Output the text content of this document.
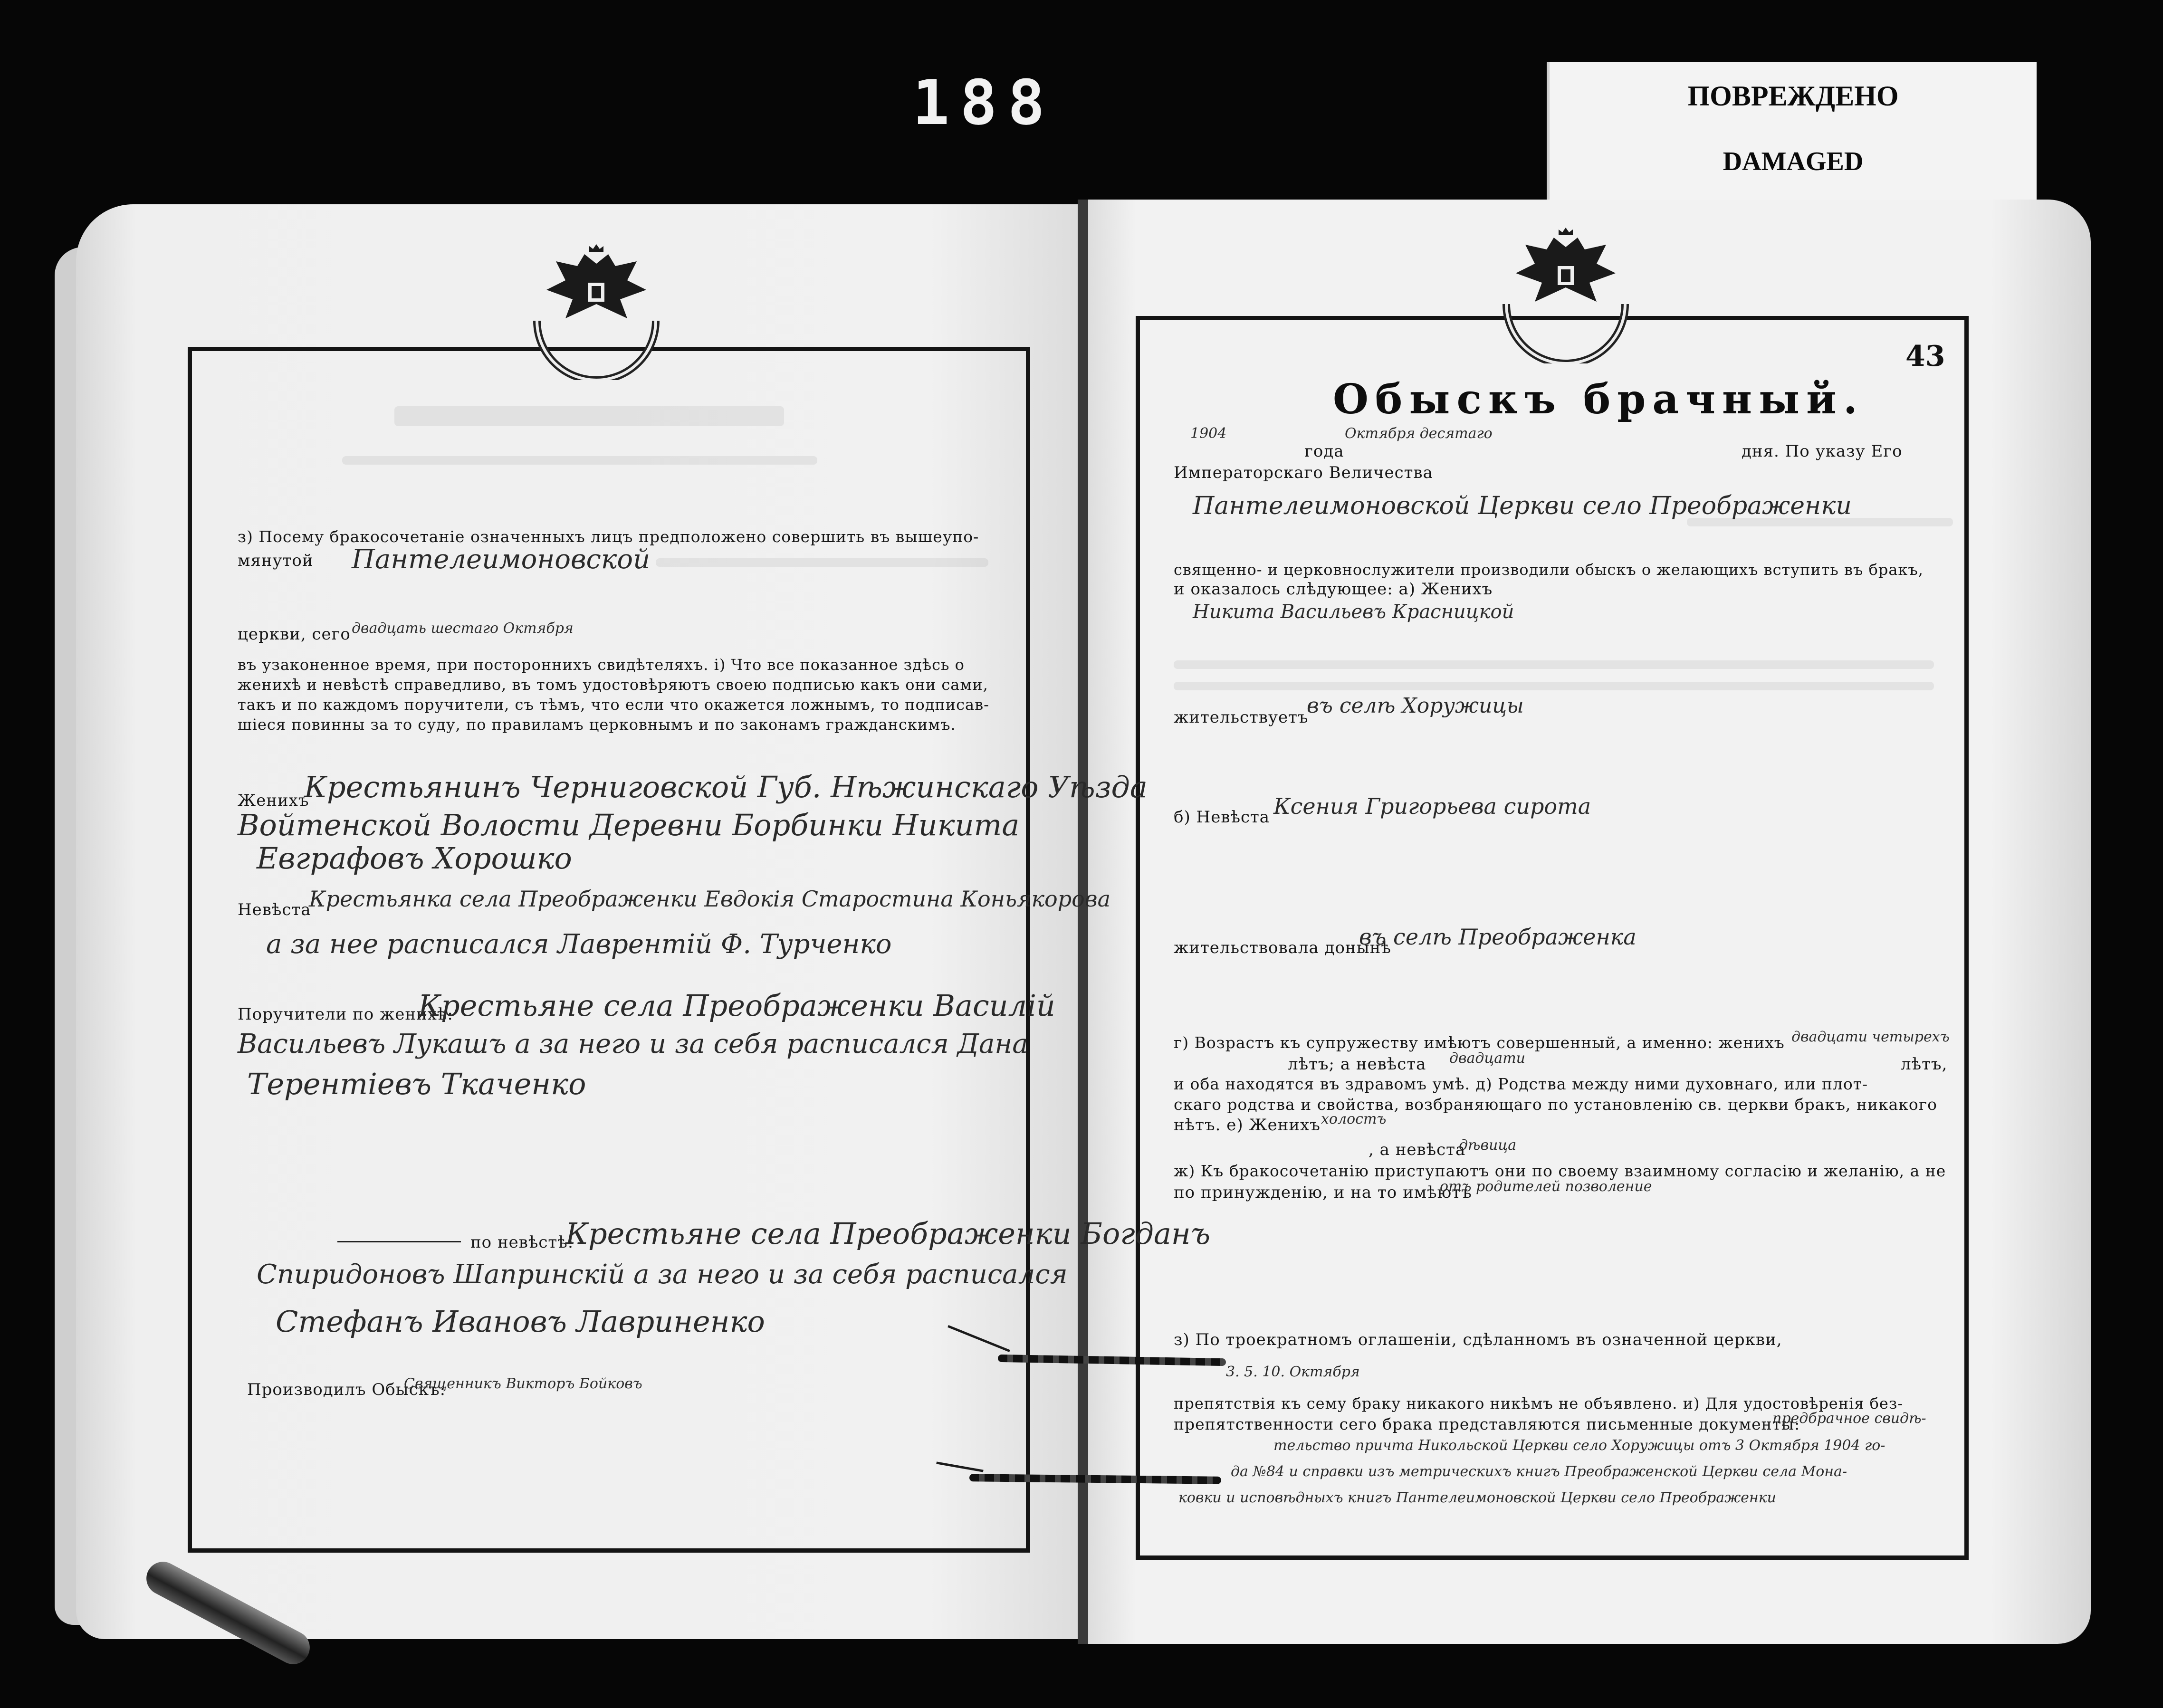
188	ПОВРЕЖДЕНО
DAMAGED
43
Обыскъ брачный.
1904
года
Октября десятаго
дня. По указу Его
Императорскаго Величества
Пантелеимоновской Церкви село Преображенки
священно- и церковнослужители производили обыскъ о желающихъ вступить въ бракъ,
и оказалось слѣдующее: а) Женихъ
Никита Васильевъ Красницкой
жительствуетъ
въ селѣ Хоружицы
б) Невѣста Ксения Григорьева сирота
жительствовала донынѣ
въ селѣ Преображенка
г) Возрастъ къ супружеству имѣютъ совершенный, а именно: женихъ двадцати четырехъ
лѣтъ; а невѣста двадцати	лѣтъ,
и оба находятся въ здравомъ умѣ. д) Родства между ними духовнаго, или плот-
скаго родства и свойства, возбраняющаго по установленiю св. церкви бракъ, никакого
нѣтъ. е) Женихъ холостъ
, а невѣста
дѣвица
ж) Къ бракосочетанiю приступаютъ они по своему взаимному согласiю и желанiю, а не
по принужденiю, и на то имѣютъ
отъ родителей позволение
з) По троекратномъ оглашенiи, сдѣланномъ въ означенной церкви,
3. 5. 10. Октября
препятствiя къ сему браку никакого никѣмъ не объявлено. и) Для удостовѣренiя без-
препятственности сего брака представляются письменные документы:
предбрачное свидѣ-
тельство причта Никольской Церкви село Хоружицы отъ 3 Октября 1904 го-
да №84 и справки изъ метрическихъ книгъ Преображенской Церкви села Мона-
ковки и исповѣдныхъ книгъ Пантелеимоновской Церкви село Преображенки
з) Посему бракосочетанiе означенныхъ лицъ предположено совершить въ вышеупо-
мянутой Пантелеимоновской
церкви, сего двадцать шестаго Октября
въ узаконенное время, при постороннихъ свидѣтеляхъ. i) Что все показанное здѣсь о
женихѣ и невѣстѣ справедливо, въ томъ удостовѣряютъ своею подписью какъ они сами,
такъ и по каждомъ поручители, съ тѣмъ, что если что окажется ложнымъ, то подписав-
шiеся повинны за то суду, по правиламъ церковнымъ и по законамъ гражданскимъ.
Женихъ
Крестьянинъ Черниговской Губ. Нѣжинскаго Уѣзда
Войтенской Волости Деревни Борбинки Никита
Евграфовъ Хорошко
Невѣста
Крестьянка села Преображенки Евдокiя Старостина Коньякорова
а за нее расписался Лаврентiй Ф. Турченко
Поручители по женихѣ:
Крестьяне села Преображенки Василiй
Васильевъ Лукашъ а за него и за себя расписался Дана
Терентiевъ Ткаченко
по невѣстѣ:
Крестьяне села Преображенки Богданъ
Спиридоновъ Шапринскiй а за него и за себя расписался
Стефанъ Ивановъ Лавриненко
Производилъ Обыскъ:
Священникъ Викторъ Бойковъ
